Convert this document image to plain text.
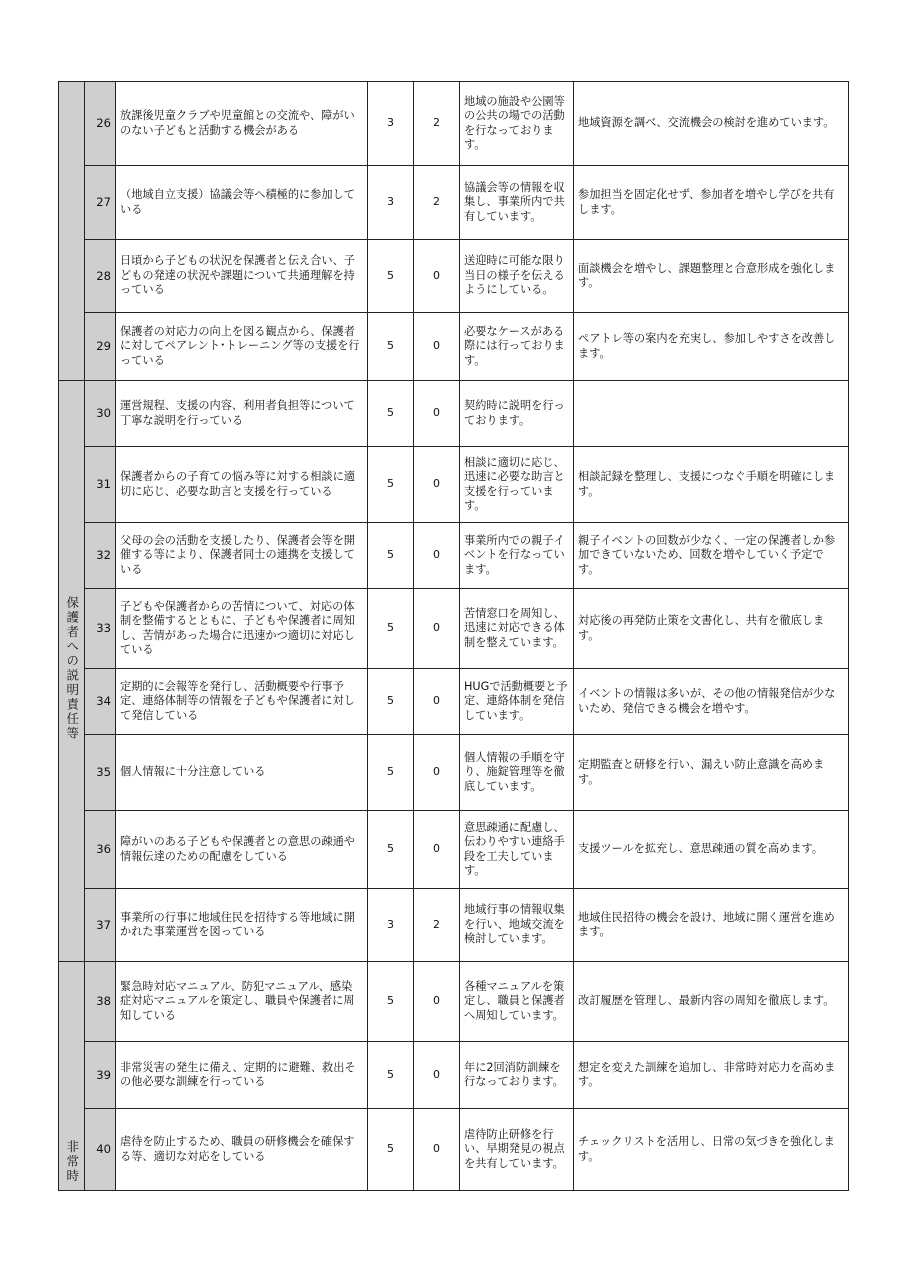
	26	放課後児童クラブや児童館との交流や、障がいのない子どもと活動する機会がある	3	2	地域の施設や公園等の公共の場での活動を行なっております。	地域資源を調べ、交流機会の検討を進めています。
	27	（地域自立支援）協議会等へ積極的に参加している	3	2	協議会等の情報を収集し、事業所内で共有しています。	参加担当を固定化せず、参加者を増やし学びを共有します。
	28	日頃から子どもの状況を保護者と伝え合い、子どもの発達の状況や課題について共通理解を持っている	5	0	送迎時に可能な限り当日の様子を伝えるようにしている。	面談機会を増やし、課題整理と合意形成を強化します。
	29	保護者の対応力の向上を図る観点から、保護者に対してペアレント･トレーニング等の支援を行っている	5	0	必要なケースがある際には行っております。	ペアトレ等の案内を充実し、参加しやすさを改善します。
保護者への説明責任等	30	運営規程、支援の内容、利用者負担等について丁寧な説明を行っている	5	0	契約時に説明を行っております。	
	31	保護者からの子育ての悩み等に対する相談に適切に応じ、必要な助言と支援を行っている	5	0	相談に適切に応じ、迅速に必要な助言と支援を行っています。	相談記録を整理し、支援につなぐ手順を明確にします。
	32	父母の会の活動を支援したり、保護者会等を開催する等により、保護者同士の連携を支援している	5	0	事業所内での親子イベントを行なっています。	親子イベントの回数が少なく、一定の保護者しか参加できていないため、回数を増やしていく予定です。
	33	子どもや保護者からの苦情について、対応の体制を整備するとともに、子どもや保護者に周知し、苦情があった場合に迅速かつ適切に対応している	5	0	苦情窓口を周知し、迅速に対応できる体制を整えています。	対応後の再発防止策を文書化し、共有を徹底します。
	34	定期的に会報等を発行し、活動概要や行事予定、連絡体制等の情報を子どもや保護者に対して発信している	5	0	HUGで活動概要と予定、連絡体制を発信しています。	イベントの情報は多いが、その他の情報発信が少ないため、発信できる機会を増やす。
	35	個人情報に十分注意している	5	0	個人情報の手順を守り、施錠管理等を徹底しています。	定期監査と研修を行い、漏えい防止意識を高めます。
	36	障がいのある子どもや保護者との意思の疎通や情報伝達のための配慮をしている	5	0	意思疎通に配慮し、伝わりやすい連絡手段を工夫しています。	支援ツールを拡充し、意思疎通の質を高めます。
	37	事業所の行事に地域住民を招待する等地域に開かれた事業運営を図っている	3	2	地域行事の情報収集を行い、地域交流を検討しています。	地域住民招待の機会を設け、地域に開く運営を進めます。
非常時	38	緊急時対応マニュアル、防犯マニュアル、感染症対応マニュアルを策定し、職員や保護者に周知している	5	0	各種マニュアルを策定し、職員と保護者へ周知しています。	改訂履歴を管理し、最新内容の周知を徹底します。
	39	非常災害の発生に備え、定期的に避難、救出その他必要な訓練を行っている	5	0	年に2回消防訓練を行なっております。	想定を変えた訓練を追加し、非常時対応力を高めます。
	40	虐待を防止するため、職員の研修機会を確保する等、適切な対応をしている	5	0	虐待防止研修を行い、早期発見の視点を共有しています。	チェックリストを活用し、日常の気づきを強化します。
